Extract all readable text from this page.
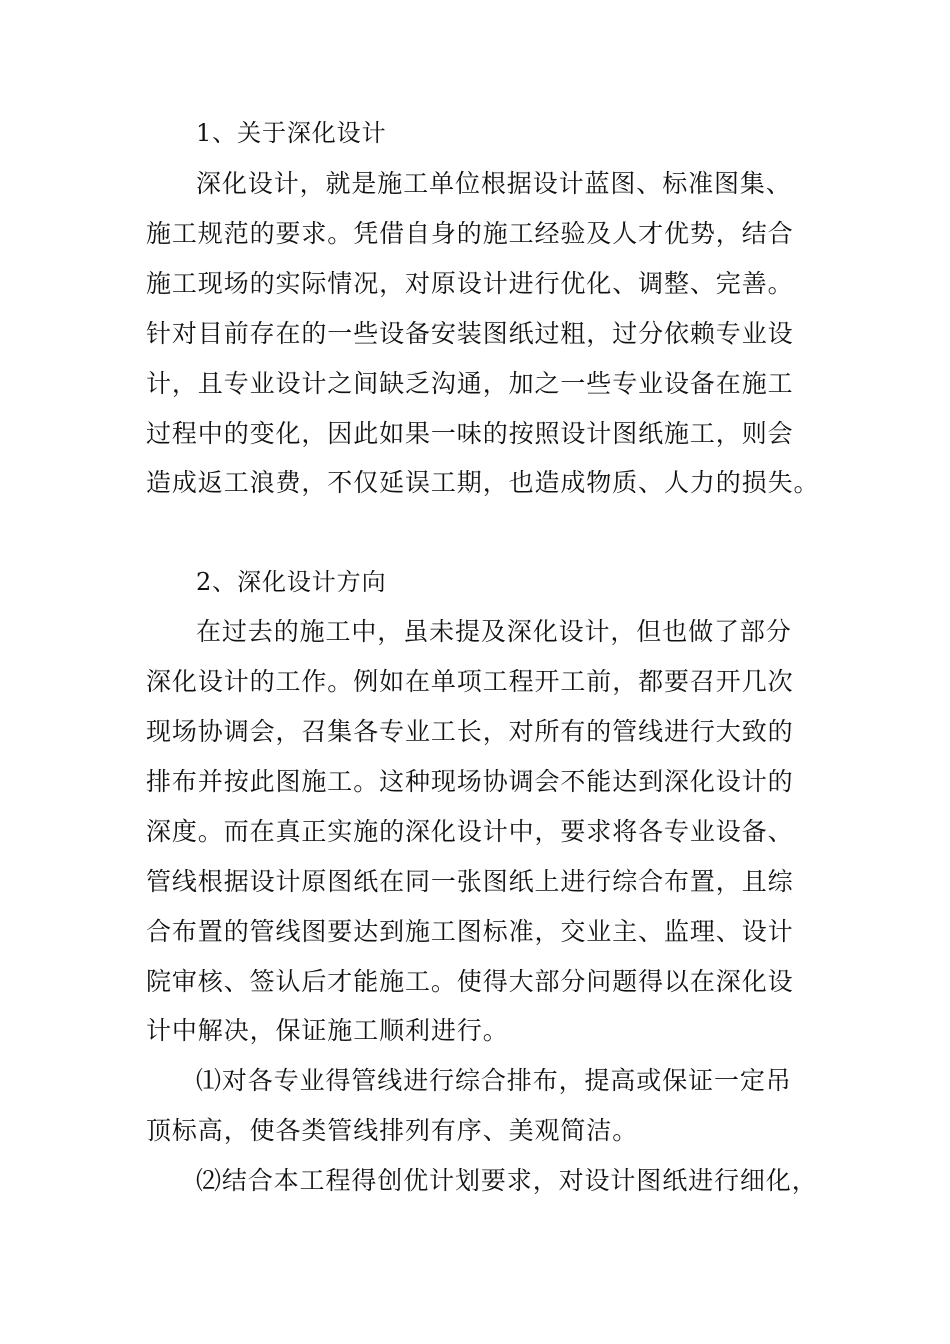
1、关于深化设计
深化设计，就是施工单位根据设计蓝图、标准图集、
施工规范的要求。凭借自身的施工经验及人才优势，结合
施工现场的实际情况，对原设计进行优化、调整、完善。
针对目前存在的一些设备安装图纸过粗，过分依赖专业设
计，且专业设计之间缺乏沟通，加之一些专业设备在施工
过程中的变化，因此如果一味的按照设计图纸施工，则会
造成返工浪费，不仅延误工期，也造成物质、人力的损失。
2、深化设计方向
在过去的施工中，虽未提及深化设计，但也做了部分
深化设计的工作。例如在单项工程开工前，都要召开几次
现场协调会，召集各专业工长，对所有的管线进行大致的
排布并按此图施工。这种现场协调会不能达到深化设计的
深度。而在真正实施的深化设计中，要求将各专业设备、
管线根据设计原图纸在同一张图纸上进行综合布置，且综
合布置的管线图要达到施工图标准，交业主、监理、设计
院审核、签认后才能施工。使得大部分问题得以在深化设
计中解决，保证施工顺利进行。
⑴对各专业得管线进行综合排布，提高或保证一定吊
顶标高，使各类管线排列有序、美观简洁。
⑵结合本工程得创优计划要求，对设计图纸进行细化，
